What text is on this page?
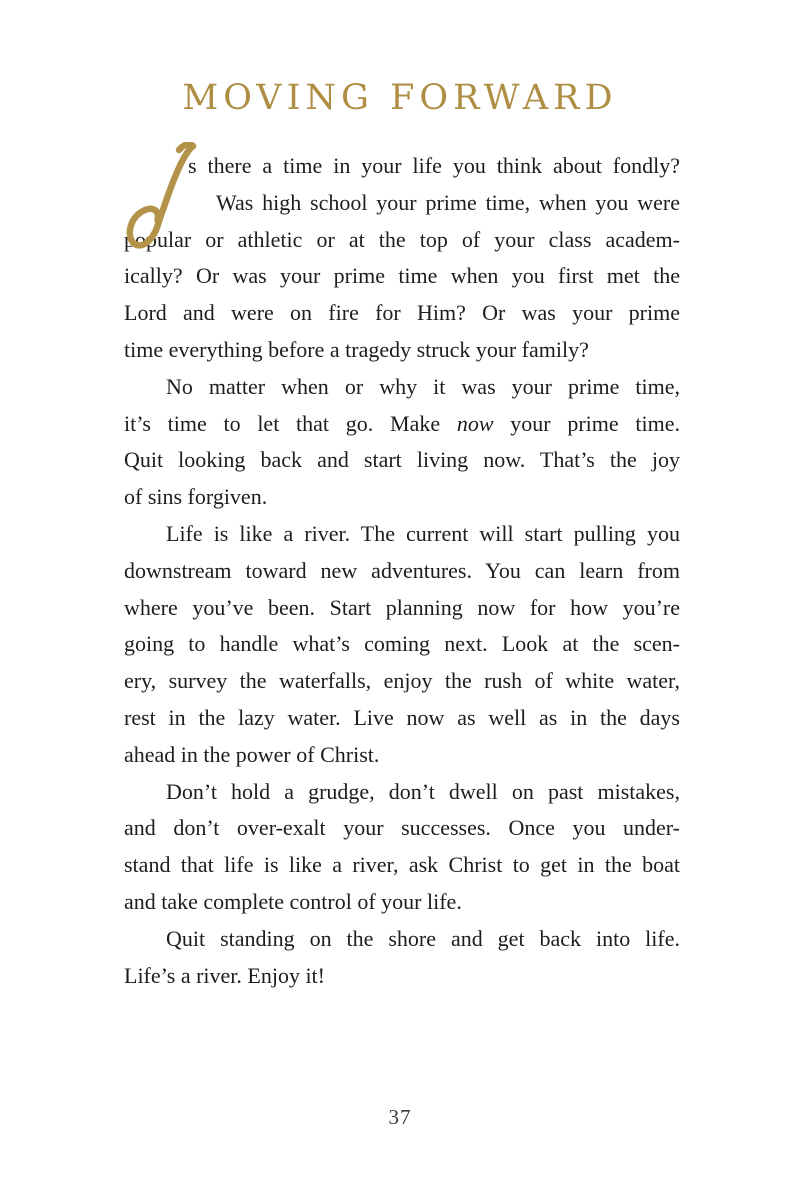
MOVING FORWARD
s there a time in your life you think about fondly?
Was high school your prime time, when you were
popular or athletic or at the top of your class academ-
ically? Or was your prime time when you first met the
Lord and were on fire for Him? Or was your prime
time everything before a tragedy struck your family?
No matter when or why it was your prime time,
it’s time to let that go. Make now your prime time.
Quit looking back and start living now. That’s the joy
of sins forgiven.
Life is like a river. The current will start pulling you
downstream toward new adventures. You can learn from
where you’ve been. Start planning now for how you’re
going to handle what’s coming next. Look at the scen-
ery, survey the waterfalls, enjoy the rush of white water,
rest in the lazy water. Live now as well as in the days
ahead in the power of Christ.
Don’t hold a grudge, don’t dwell on past mistakes,
and don’t over-exalt your successes. Once you under-
stand that life is like a river, ask Christ to get in the boat
and take complete control of your life.
Quit standing on the shore and get back into life.
Life’s a river. Enjoy it!
37
